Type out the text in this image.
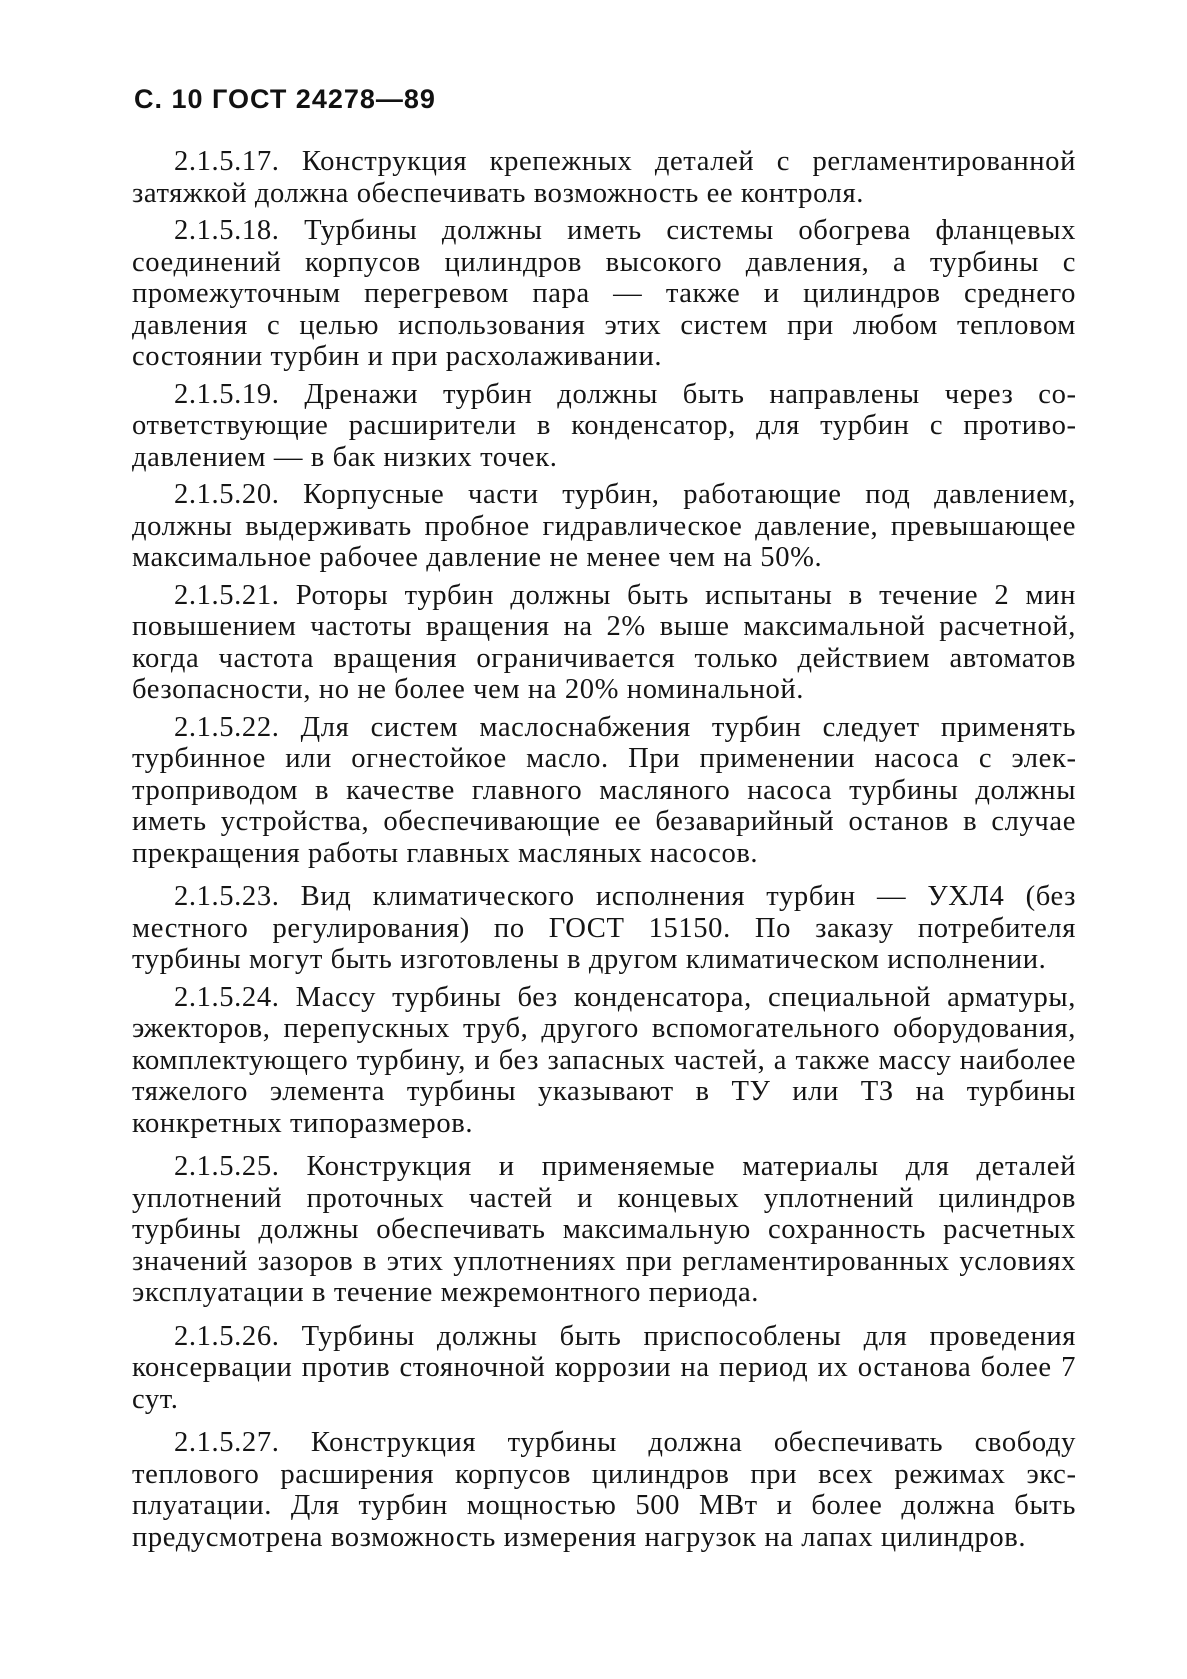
С. 10 ГОСТ 24278—89

2.1.5.17. Конструкция крепежных деталей с регламентированной затяжкой должна обеспечивать возможность ее контроля.

2.1.5.18. Турбины должны иметь системы обогрева фланцевых соединений корпусов цилиндров высокого давления, а турбины с промежуточным перегревом пара — также и цилиндров среднего давления с целью использования этих систем при любом тепловом состоянии турбин и при расхолаживании.

2.1.5.19. Дренажи турбин должны быть направлены через соответствующие расширители в конденсатор, для турбин с противодавлением — в бак низких точек.

2.1.5.20. Корпусные части турбин, работающие под давлением, должны выдерживать пробное гидравлическое давление, превышающее максимальное рабочее давление не менее чем на 50%.

2.1.5.21. Роторы турбин должны быть испытаны в течение 2 мин повышением частоты вращения на 2% выше максимальной расчетной, когда частота вращения ограничивается только действием автоматов безопасности, но не более чем на 20% номинальной.

2.1.5.22. Для систем маслоснабжения турбин следует применять турбинное или огнестойкое масло. При применении насоса с электроприводом в качестве главного масляного насоса турбины должны иметь устройства, обеспечивающие ее безаварийный останов в случае прекращения работы главных масляных насосов.

2.1.5.23. Вид климатического исполнения турбин — УХЛ4 (без местного регулирования) по ГОСТ 15150. По заказу потребителя турбины могут быть изготовлены в другом климатическом исполнении.

2.1.5.24. Массу турбины без конденсатора, специальной арматуры, эжекторов, перепускных труб, другого вспомогательного оборудования, комплектующего турбину, и без запасных частей, а также массу наиболее тяжелого элемента турбины указывают в ТУ или ТЗ на турбины конкретных типоразмеров.

2.1.5.25. Конструкция и применяемые материалы для деталей уплотнений проточных частей и концевых уплотнений цилиндров турбины должны обеспечивать максимальную сохранность расчетных значений зазоров в этих уплотнениях при регламентированных условиях эксплуатации в течение межремонтного периода.

2.1.5.26. Турбины должны быть приспособлены для проведения консервации против стояночной коррозии на период их останова более 7 сут.

2.1.5.27. Конструкция турбины должна обеспечивать свободу теплового расширения корпусов цилиндров при всех режимах эксплуатации. Для турбин мощностью 500 МВт и более должна быть предусмотрена возможность измерения нагрузок на лапах цилиндров.
